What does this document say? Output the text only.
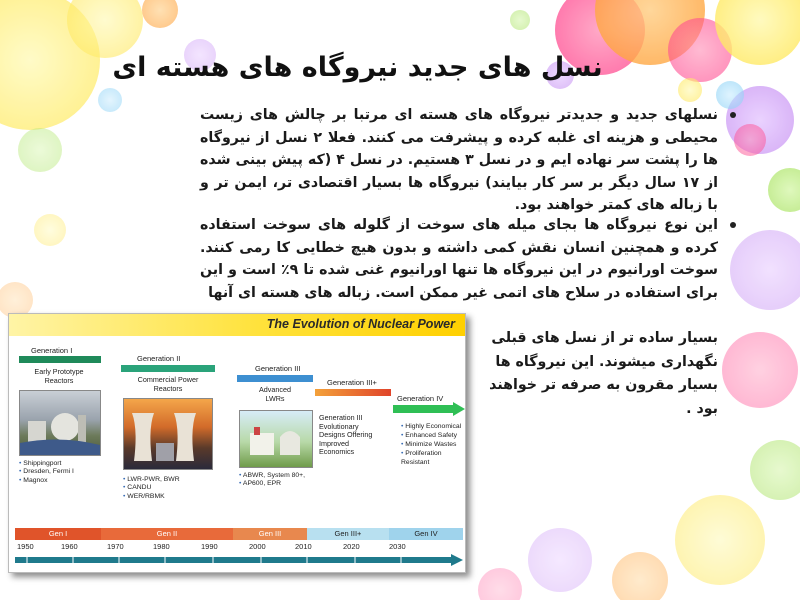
نسل های جدید نیروگاه های هسته ای
نسلهای جدید و جدیدتر نیروگاه های هسته ای مرتبا بر چالش های زیست محیطی و هزینه ای غلبه کرده و پیشرفت می کنند. فعلا ۲ نسل از نیروگاه ها را پشت سر نهاده ایم و در نسل ۳ هستیم. در نسل ۴ (که پیش بینی شده از ۱۷ سال دیگر بر سر کار بیایند) نیروگاه ها بسیار اقتصادی تر، ایمن تر و با زباله های کمتر خواهند بود.
این نوع نیروگاه ها بجای میله های سوخت از گلوله های سوخت استفاده کرده و همچنین انسان نقش کمی داشته و بدون هیچ خطایی کا رمی کنند. سوخت اورانیوم در این نیروگاه ها تنها اورانیوم غنی شده تا ۹٪ است و این برای استفاده در سلاح های اتمی غیر ممکن است. زباله های هسته ای آنها
بسیار ساده تر از نسل های قبلی
نگهداری میشوند. این نیروگاه ها
بسیار مقرون به صرفه تر خواهند
بود .
The Evolution of Nuclear Power
Generation I
Early Prototype
Reactors
• Shippingport
• Dresden, Fermi I
• Magnox
Generation II
Commercial Power
Reactors
• LWR-PWR, BWR
• CANDU
• WER/RBMK
Generation III
Advanced
LWRs
• ABWR, System 80+,
• AP600, EPR
Generation III+
Generation III
Evolutionary
Designs Offering
Improved
Economics
Generation IV
• Highly Economical
• Enhanced Safety
• Minimize Wastes
• Proliferation Resistant
Gen I	Gen II	Gen III	Gen III+	Gen IV
1950	1960	1970	1980	1990	2000	2010	2020	2030
